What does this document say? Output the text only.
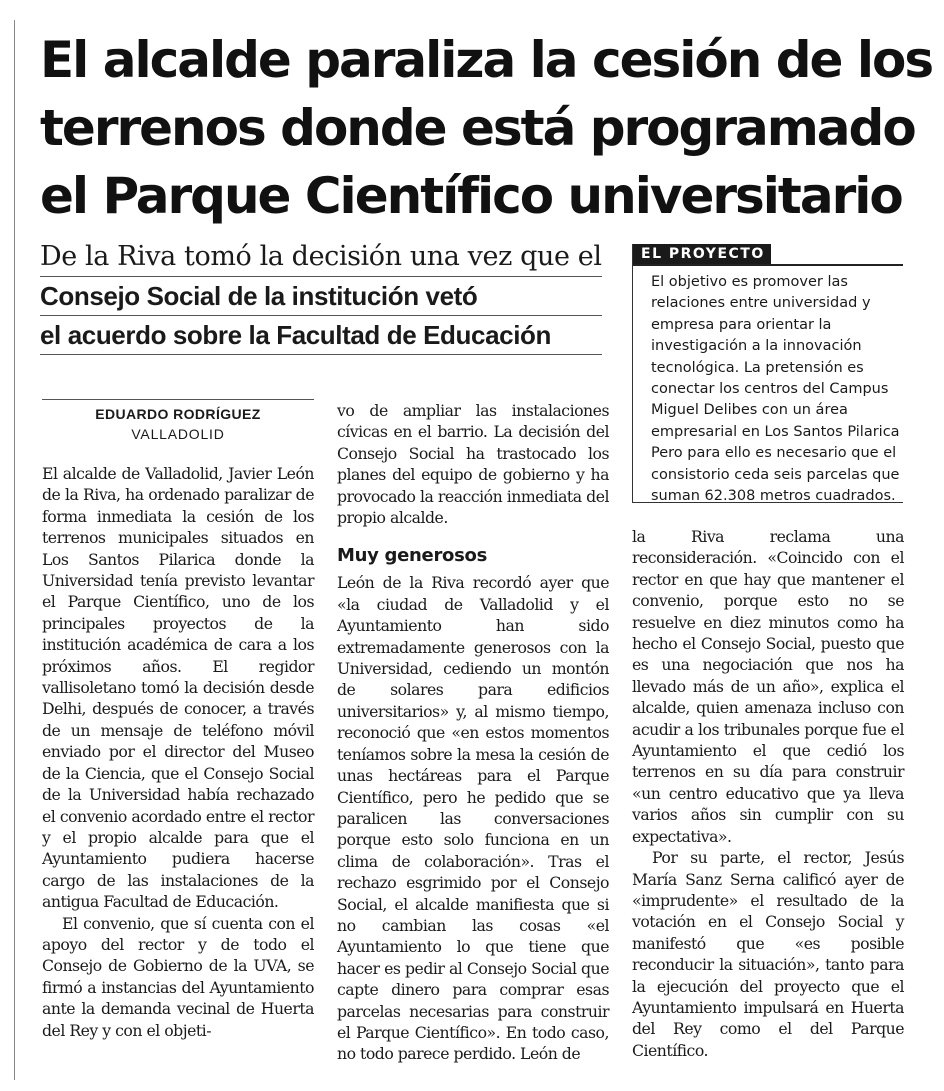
El alcalde paraliza la cesión de los
terrenos donde está programado
el Parque Científico universitario
De la Riva tomó la decisión una vez que el
Consejo Social de la institución vetó
el acuerdo sobre la Facultad de Educación
EL PROYECTO

El objetivo es promover las relaciones entre universidad y empresa para orientar la investigación a la innovación tecnológica. La pretensión es conectar los centros del Campus Miguel Delibes con un área empresarial en Los Santos Pilarica Pero para ello es necesario que el consistorio ceda seis parcelas que suman 62.308 metros cuadrados.

EDUARDO RODRÍGUEZ
VALLADOLID

El alcalde de Valladolid, Javier León de la Riva, ha ordenado paralizar de forma inmediata la cesión de los terrenos municipales situados en Los Santos Pilarica donde la Universidad tenía previsto levantar el Parque Científico, uno de los principales proyectos de la institución académica de cara a los próximos años. El regidor vallisoletano tomó la decisión desde Delhi, después de conocer, a través de un mensaje de teléfono móvil enviado por el director del Museo de la Ciencia, que el Consejo Social de la Universidad había rechazado el convenio acordado entre el rector y el propio alcalde para que el Ayuntamiento pudiera hacerse cargo de las instalaciones de la antigua Facultad de Educación.

El convenio, que sí cuenta con el apoyo del rector y de todo el Consejo de Gobierno de la UVA, se firmó a instancias del Ayuntamiento ante la demanda vecinal de Huerta del Rey y con el objeti-

vo de ampliar las instalaciones cívicas en el barrio. La decisión del Consejo Social ha trastocado los planes del equipo de gobierno y ha provocado la reacción inmediata del propio alcalde.

Muy generosos

León de la Riva recordó ayer que «la ciudad de Valladolid y el Ayuntamiento han sido extremadamente generosos con la Universidad, cediendo un montón de solares para edificios universitarios» y, al mismo tiempo, reconoció que «en estos momentos teníamos sobre la mesa la cesión de unas hectáreas para el Parque Científico, pero he pedido que se paralicen las conversaciones porque esto solo funciona en un clima de colaboración». Tras el rechazo esgrimido por el Consejo Social, el alcalde manifiesta que si no cambian las cosas «el Ayuntamiento lo que tiene que hacer es pedir al Consejo Social que capte dinero para comprar esas parcelas necesarias para construir el Parque Científico». En todo caso, no todo parece perdido. León de

la Riva reclama una reconsideración. «Coincido con el rector en que hay que mantener el convenio, porque esto no se resuelve en diez minutos como ha hecho el Consejo Social, puesto que es una negociación que nos ha llevado más de un año», explica el alcalde, quien amenaza incluso con acudir a los tribunales porque fue el Ayuntamiento el que cedió los terrenos en su día para construir «un centro educativo que ya lleva varios años sin cumplir con su expectativa».

Por su parte, el rector, Jesús María Sanz Serna calificó ayer de «imprudente» el resultado de la votación en el Consejo Social y manifestó que «es posible reconducir la situación», tanto para la ejecución del proyecto que el Ayuntamiento impulsará en Huerta del Rey como el del Parque Científico.
